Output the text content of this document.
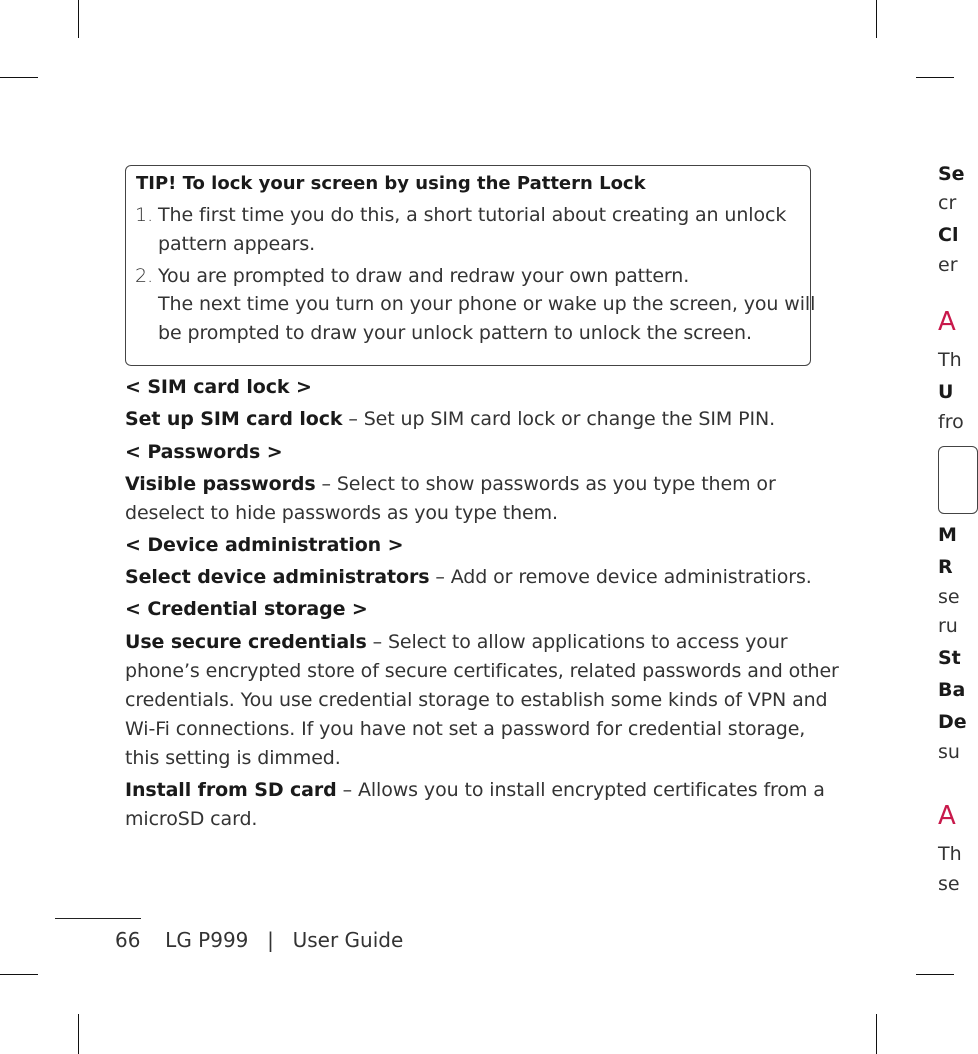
TIP! To lock your screen by using the Pattern Lock
1. The first time you do this, a short tutorial about creating an unlock
pattern appears.
2. You are prompted to draw and redraw your own pattern.
The next time you turn on your phone or wake up the screen, you will
be prompted to draw your unlock pattern to unlock the screen.
< SIM card lock >
Set up SIM card lock – Set up SIM card lock or change the SIM PIN.
< Passwords >
Visible passwords – Select to show passwords as you type them or
deselect to hide passwords as you type them.
< Device administration >
Select device administrators – Add or remove device administratiors.
< Credential storage >
Use secure credentials – Select to allow applications to access your
phone’s encrypted store of secure certificates, related passwords and other
credentials. You use credential storage to establish some kinds of VPN and
Wi-Fi connections. If you have not set a password for credential storage,
this setting is dimmed.
Install from SD card – Allows you to install encrypted certificates from a
microSD card.
66 LG P999 | User Guide
Se
cr
Cl
er
A
Th
U
fro
M
R
se
ru
St
Ba
De
su
A
Th
se
